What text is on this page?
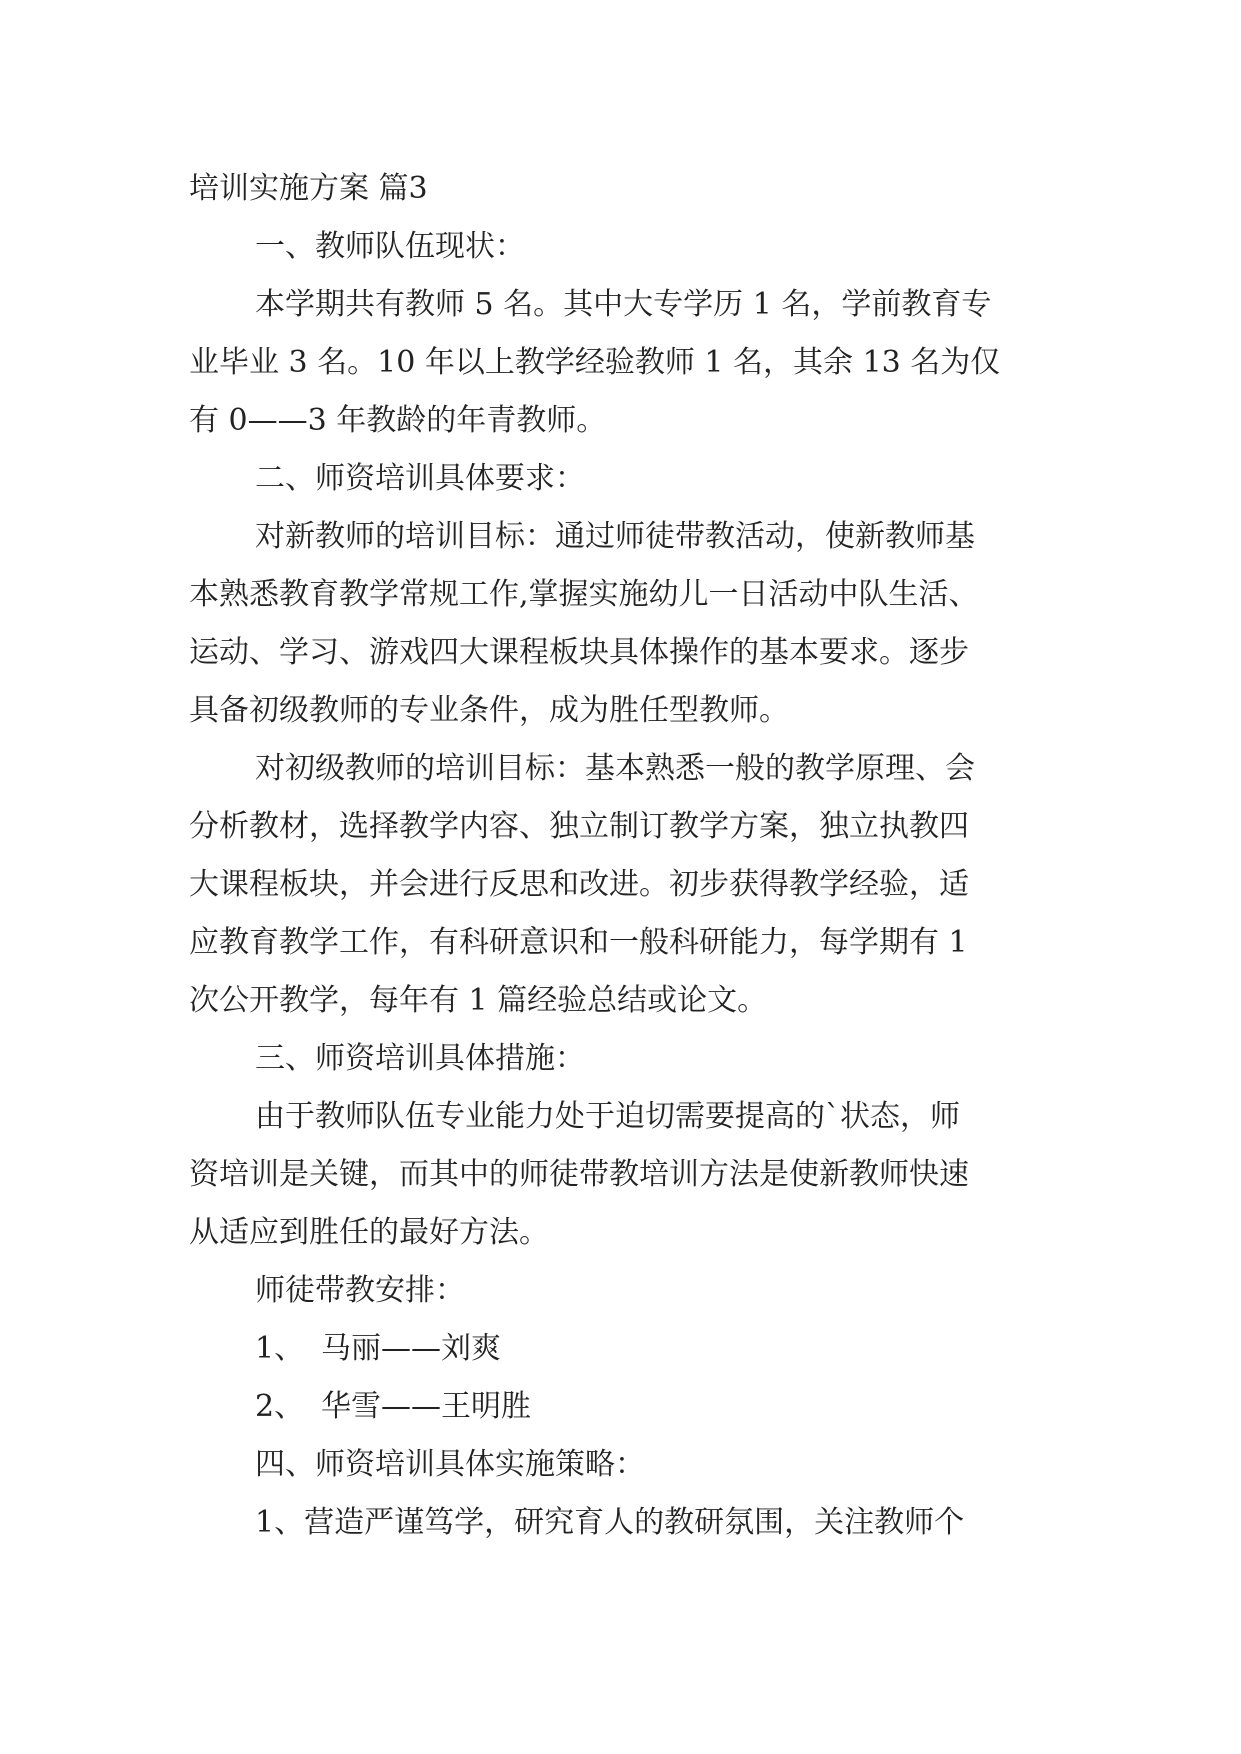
培训实施方案 篇3
一、教师队伍现状：
本学期共有教师 5 名。其中大专学历 1 名，学前教育专
业毕业 3 名。10 年以上教学经验教师 1 名，其余 13 名为仅
有 0——3 年教龄的年青教师。
二、师资培训具体要求：
对新教师的培训目标：通过师徒带教活动，使新教师基
本熟悉教育教学常规工作,掌握实施幼儿一日活动中队生活、
运动、学习、游戏四大课程板块具体操作的基本要求。逐步
具备初级教师的专业条件，成为胜任型教师。
对初级教师的培训目标：基本熟悉一般的教学原理、会
分析教材，选择教学内容、独立制订教学方案，独立执教四
大课程板块，并会进行反思和改进。初步获得教学经验，适
应教育教学工作，有科研意识和一般科研能力，每学期有 1
次公开教学，每年有 1 篇经验总结或论文。
三、师资培训具体措施：
由于教师队伍专业能力处于迫切需要提高的`状态，师
资培训是关键，而其中的师徒带教培训方法是使新教师快速
从适应到胜任的最好方法。
师徒带教安排：
1、 马丽——刘爽
2、 华雪——王明胜
四、师资培训具体实施策略：
1、营造严谨笃学，研究育人的教研氛围，关注教师个
